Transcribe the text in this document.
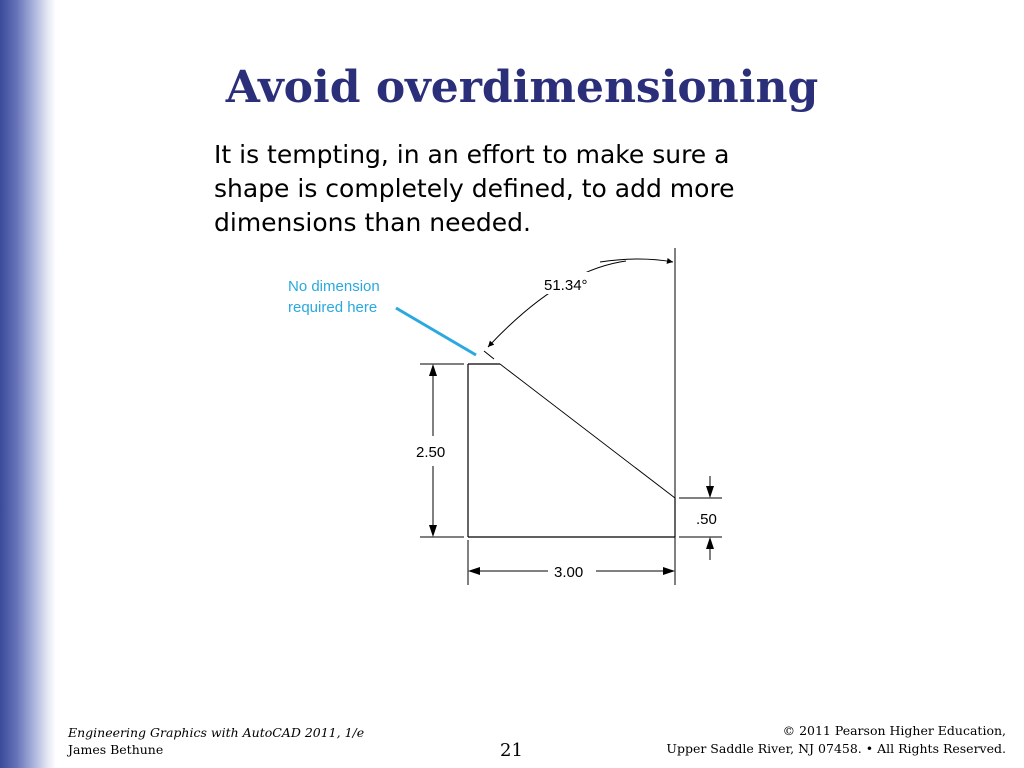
Avoid overdimensioning

It is tempting, in an effort to make sure a shape is completely defined, to add more dimensions than needed.

51.34°
2.50
3.00
.50
No dimension
required here
Engineering Graphics with AutoCAD 2011, 1/e
James Bethune	21
© 2011 Pearson Higher Education,
Upper Saddle River, NJ 07458. • All Rights Reserved.
